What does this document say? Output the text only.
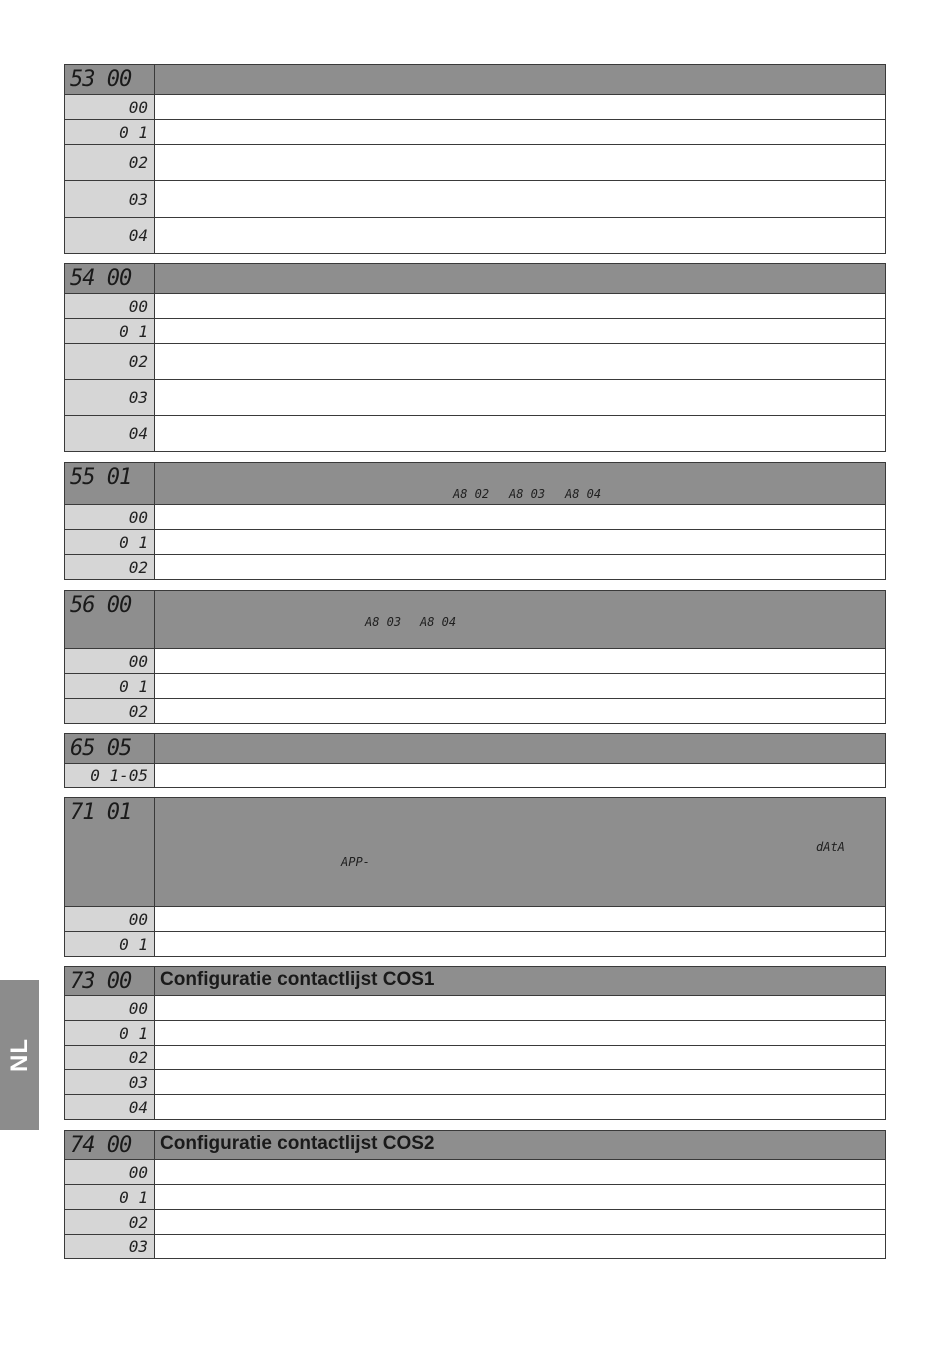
NL
53 00	
00	
0 1	
02	
03	
04	
54 00	
00	
0 1	
02	
03	
04	
55 01	A8 02 A8 03 A8 04

00	
0 1	
02	
56 00	A8 03 A8 04

00	
0 1	
02	
65 05	
0 1-05	
71 01	dAtA
APP-

00	
0 1	
73 00	Configuratie contactlijst COS1
00	
0 1	
02	
03	
04	
74 00	Configuratie contactlijst COS2
00	
0 1	
02	
03	
